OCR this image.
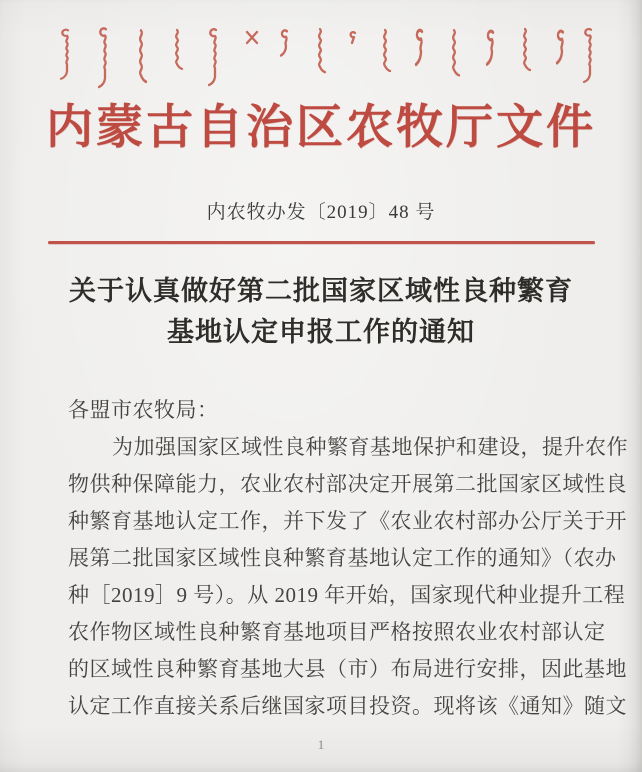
内蒙古自治区农牧厅文件
内农牧办发〔2019〕48 号
关于认真做好第二批国家区域性良种繁育
基地认定申报工作的通知
各盟市农牧局：
为加强国家区域性良种繁育基地保护和建设，提升农作
物供种保障能力，农业农村部决定开展第二批国家区域性良
种繁育基地认定工作，并下发了《农业农村部办公厅关于开
展第二批国家区域性良种繁育基地认定工作的通知》（农办
种［2019］9 号）。从 2019 年开始，国家现代种业提升工程
农作物区域性良种繁育基地项目严格按照农业农村部认定
的区域性良种繁育基地大县（市）布局进行安排，因此基地
认定工作直接关系后继国家项目投资。现将该《通知》随文
1
